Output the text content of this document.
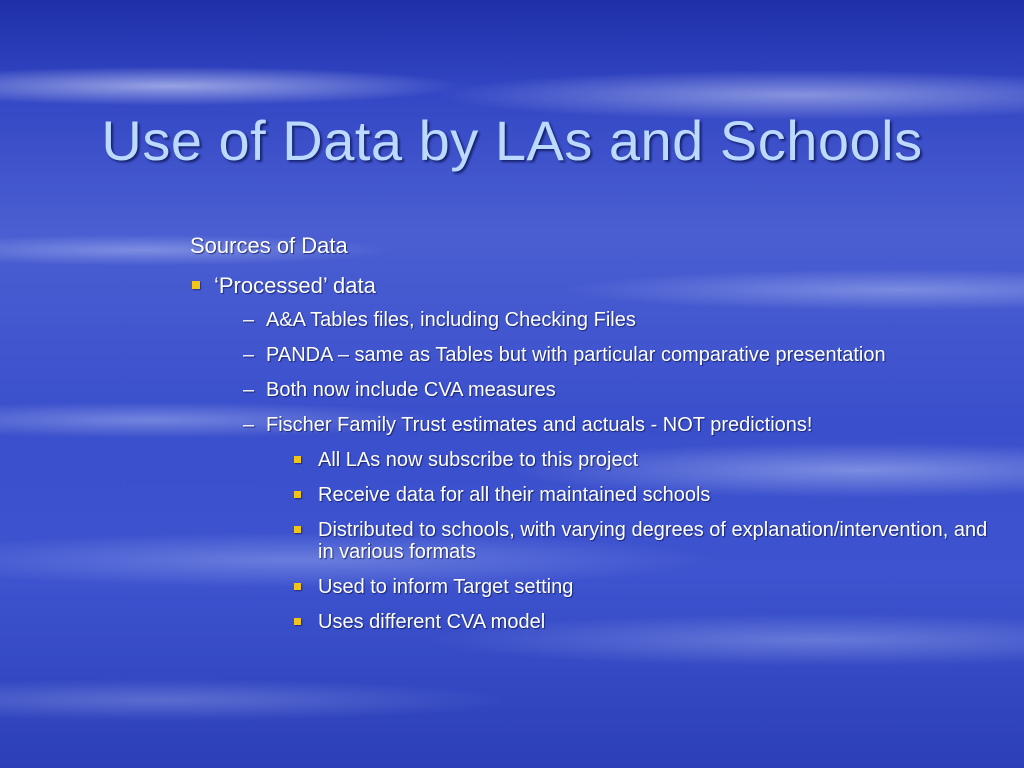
Use of Data by LAs and Schools
Sources of Data
‘Processed’ data
– A&A Tables files, including Checking Files
– PANDA – same as Tables but with particular comparative presentation
– Both now include CVA measures
– Fischer Family Trust estimates and actuals - NOT predictions!
All LAs now subscribe to this project
Receive data for all their maintained schools
Distributed to schools, with varying degrees of explanation/intervention, and in various formats
Used to inform Target setting
Uses different CVA model
